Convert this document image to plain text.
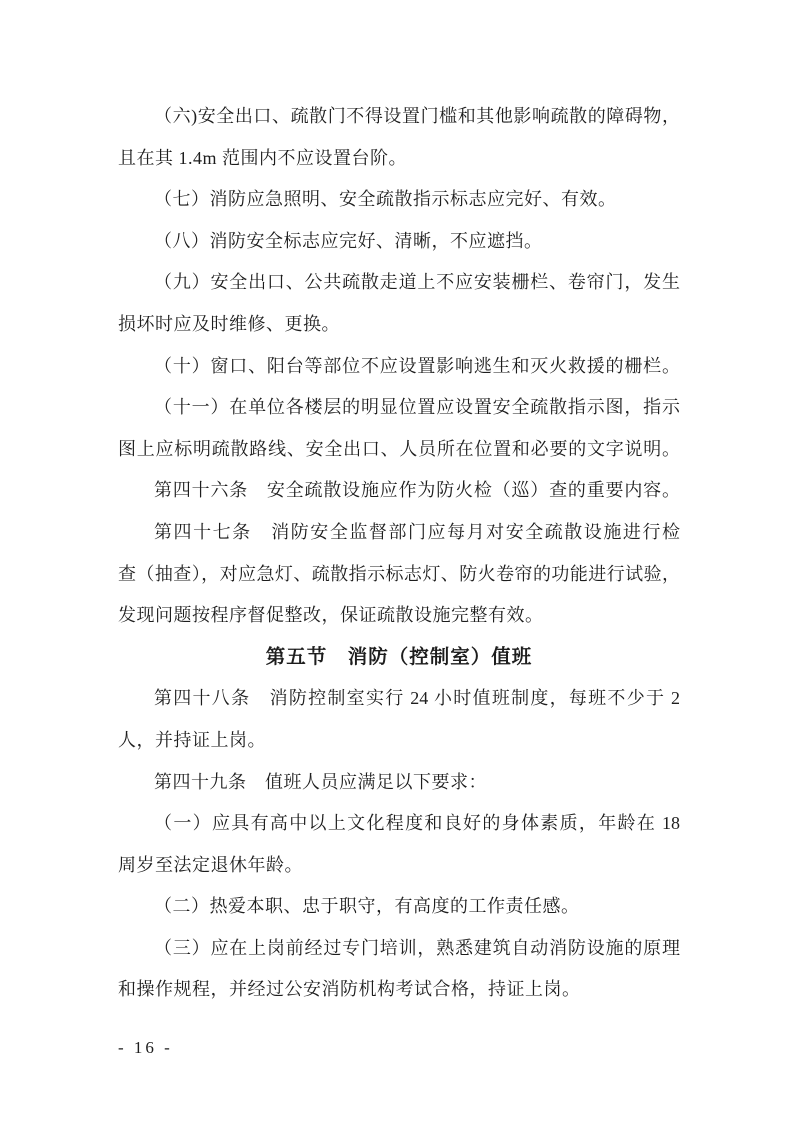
（六)安全出口、疏散门不得设置门槛和其他影响疏散的障碍物，
且在其 1.4m 范围内不应设置台阶。
（七）消防应急照明、安全疏散指示标志应完好、有效。
（八）消防安全标志应完好、清晰，不应遮挡。
（九）安全出口、公共疏散走道上不应安装栅栏、卷帘门，发生
损坏时应及时维修、更换。
（十）窗口、阳台等部位不应设置影响逃生和灭火救援的栅栏。
（十一）在单位各楼层的明显位置应设置安全疏散指示图，指示
图上应标明疏散路线、安全出口、人员所在位置和必要的文字说明。
第四十六条　安全疏散设施应作为防火检（巡）查的重要内容。
第四十七条　消防安全监督部门应每月对安全疏散设施进行检
查（抽查），对应急灯、疏散指示标志灯、防火卷帘的功能进行试验，
发现问题按程序督促整改，保证疏散设施完整有效。
第五节　消防（控制室）值班
第四十八条　消防控制室实行 24 小时值班制度，每班不少于 2
人，并持证上岗。
第四十九条　值班人员应满足以下要求：
（一）应具有高中以上文化程度和良好的身体素质，年龄在 18
周岁至法定退休年龄。
（二）热爱本职、忠于职守，有高度的工作责任感。
（三）应在上岗前经过专门培训，熟悉建筑自动消防设施的原理
和操作规程，并经过公安消防机构考试合格，持证上岗。
- 16 -
